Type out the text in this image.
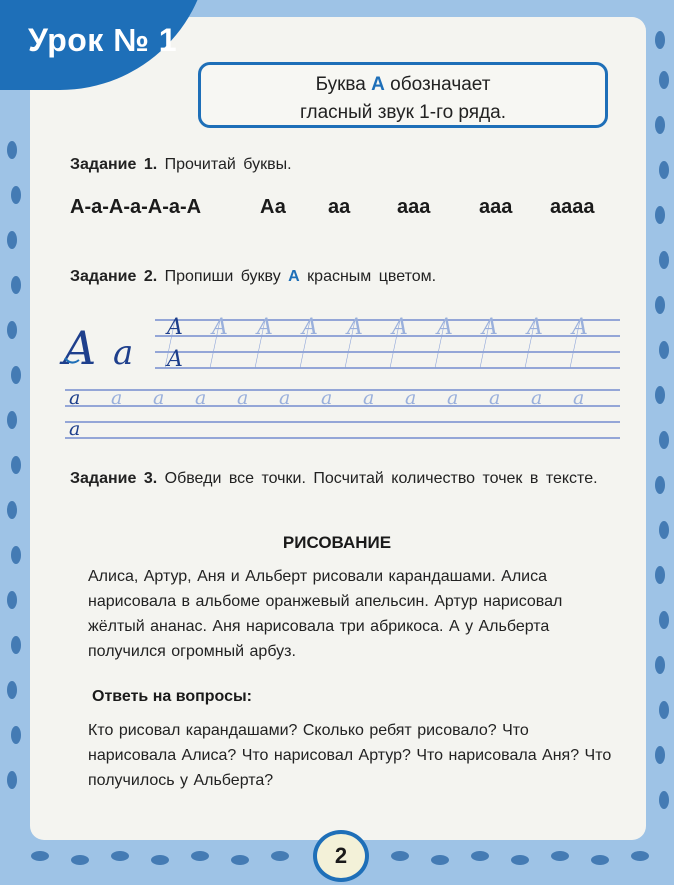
Урок № 1
Буква А обозначает
гласный звук 1-го ряда.
Задание 1. Прочитай буквы.
А-а-А-а-А-а-А	Аа аа ааа ааа аааа
Задание 2. Пропиши букву А красным цветом.
A a
A
A
A A A A A A A A A
a
a
a a a a a a a a a a a a
Задание 3. Обведи все точки. Посчитай количество точек в тексте.
РИСОВАНИЕ
Алиса, Артур, Аня и Альберт рисовали карандашами. Алиса нарисовала в альбоме оранжевый апельсин. Артур нарисовал жёлтый ананас. Аня нарисовала три абрикоса. А у Альберта получился огромный арбуз.
Ответь на вопросы:
Кто рисовал карандашами? Сколько ребят рисовало? Что нарисовала Алиса? Что нарисовал Артур? Что нарисовала Аня? Что получилось у Альберта?
2
